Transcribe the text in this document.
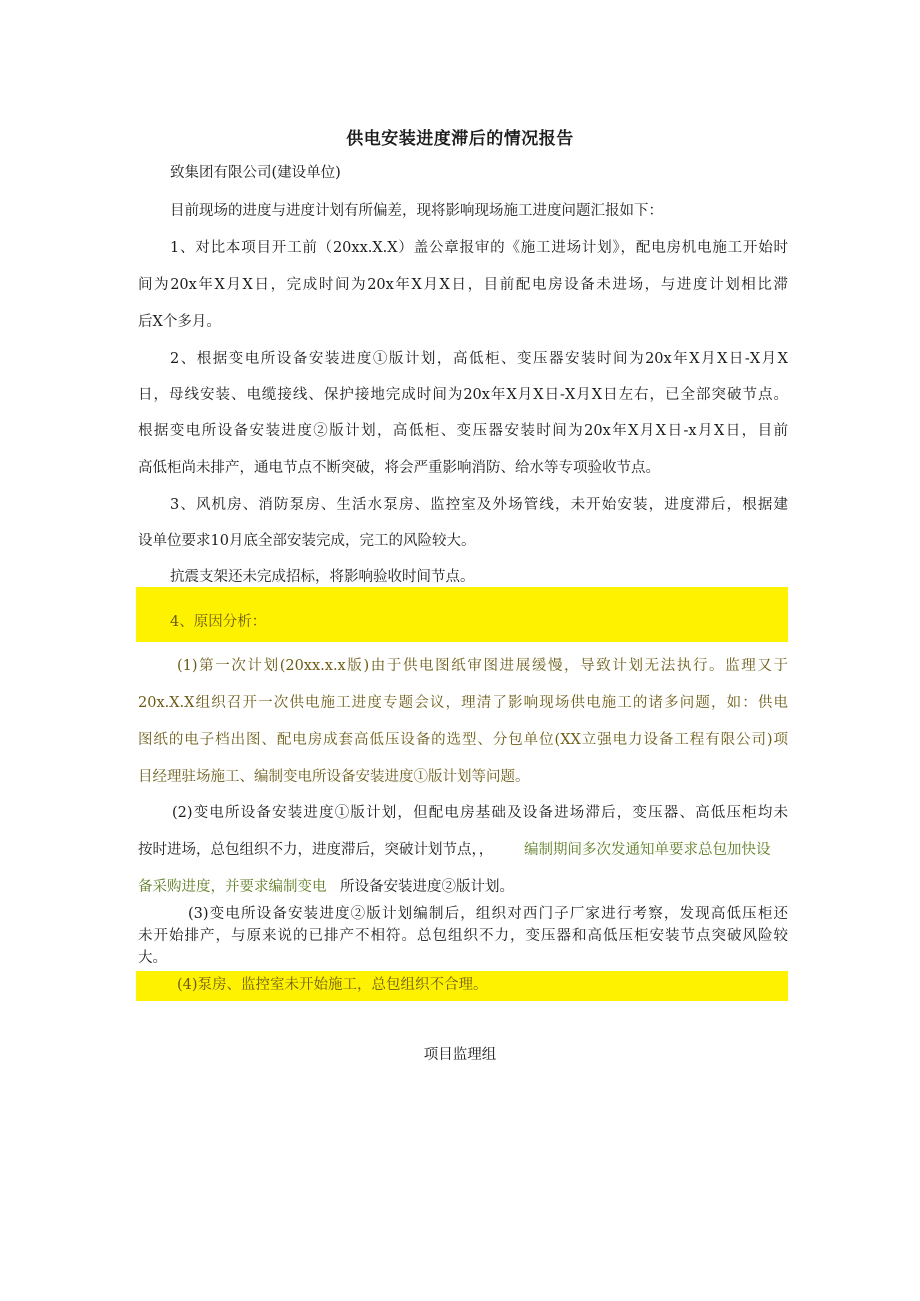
供电安装进度滞后的情况报告
致集团有限公司(建设单位)
目前现场的进度与进度计划有所偏差，现将影响现场施工进度问题汇报如下：
1、对比本项目开工前（20xx.X.X）盖公章报审的《施工进场计划》，配电房机电施工开始时
间为20x年X月X日，完成时间为20x年X月X日，目前配电房设备未进场，与进度计划相比滞
后X个多月。
2、根据变电所设备安装进度①版计划，高低柜、变压器安装时间为20x年X月X日-X月X
日，母线安装、电缆接线、保护接地完成时间为20x年X月X日-X月X日左右，已全部突破节点。
根据变电所设备安装进度②版计划，高低柜、变压器安装时间为20x年X月X日-x月X日，目前
高低柜尚未排产，通电节点不断突破，将会严重影响消防、给水等专项验收节点。
3、风机房、消防泵房、生活水泵房、监控室及外场管线，未开始安装，进度滞后，根据建
设单位要求10月底全部安装完成，完工的风险较大。
抗震支架还未完成招标，将影响验收时间节点。
4、原因分析：
(1)第一次计划(20xx.x.x版)由于供电图纸审图进展缓慢，导致计划无法执行。监理又于
20x.X.X组织召开一次供电施工进度专题会议，理清了影响现场供电施工的诸多问题，如：供电
图纸的电子档出图、配电房成套高低压设备的选型、分包单位(XX立强电力设备工程有限公司)项
目经理驻场施工、编制变电所设备安装进度①版计划等问题。
(2)变电所设备安装进度①版计划，但配电房基础及设备进场滞后，变压器、高低压柜均未
按时进场，总包组织不力，进度滞后，突破计划节点，， 编制期间多次发通知单要求总包加快设
备采购进度，并要求编制变电 所设备安装进度②版计划。
(3)变电所设备安装进度②版计划编制后，组织对西门子厂家进行考察，发现高低压柜还
未开始排产，与原来说的已排产不相符。总包组织不力，变压器和高低压柜安装节点突破风险较
大。
(4)泵房、监控室未开始施工，总包组织不合理。
项目监理组
